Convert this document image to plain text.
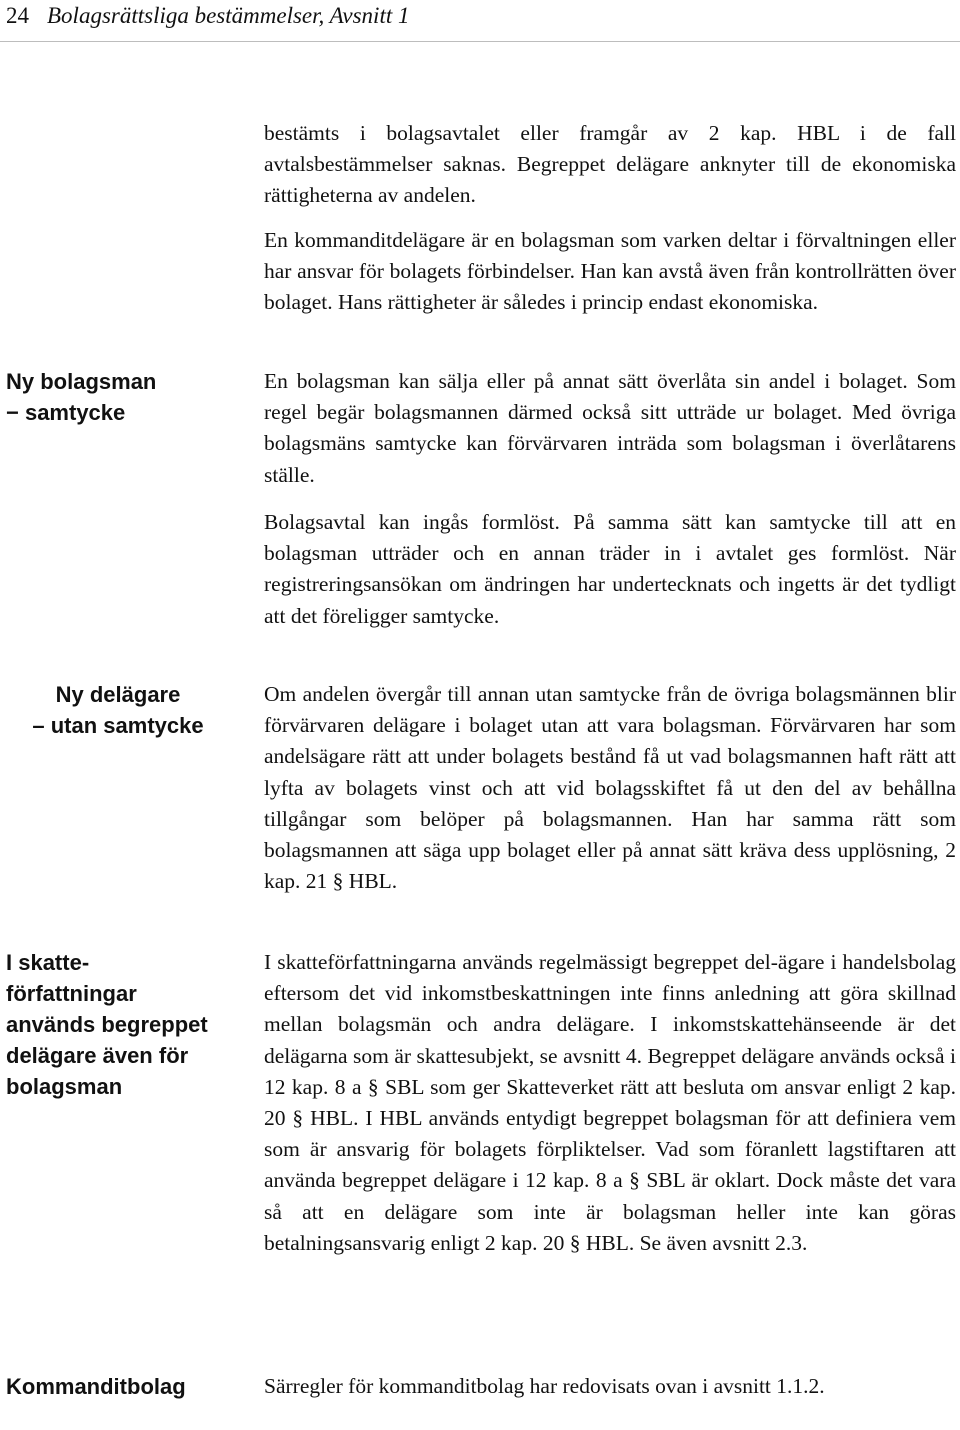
24 Bolagsrättsliga bestämmelser, Avsnitt 1
Ny bolagsman
− samtycke
Ny delägare
– utan samtycke
I skatte-
författningar
används begreppet
delägare även för
bolagsman
Kommanditbolag

bestämts i bolagsavtalet eller framgår av 2 kap. HBL i de fall avtalsbestämmelser saknas. Begreppet delägare anknyter till de ekonomiska rättigheterna av andelen.

En kommanditdelägare är en bolagsman som varken deltar i förvaltningen eller har ansvar för bolagets förbindelser. Han kan avstå även från kontrollrätten över bolaget. Hans rättigheter är således i princip endast ekonomiska.

En bolagsman kan sälja eller på annat sätt överlåta sin andel i bolaget. Som regel begär bolagsmannen därmed också sitt utträde ur bolaget. Med övriga bolagsmäns samtycke kan förvärvaren inträda som bolagsman i överlåtarens ställe.

Bolagsavtal kan ingås formlöst. På samma sätt kan samtycke till att en bolagsman utträder och en annan träder in i avtalet ges formlöst. När registreringsansökan om ändringen har undertecknats och ingetts är det tydligt att det föreligger samtycke.

Om andelen övergår till annan utan samtycke från de övriga bolagsmännen blir förvärvaren delägare i bolaget utan att vara bolagsman. Förvärvaren har som andelsägare rätt att under bolagets bestånd få ut vad bolagsmannen haft rätt att lyfta av bolagets vinst och att vid bolagsskiftet få ut den del av behållna tillgångar som belöper på bolagsmannen. Han har samma rätt som bolagsmannen att säga upp bolaget eller på annat sätt kräva dess upplösning, 2 kap. 21 § HBL.

I skatteförfattningarna används regelmässigt begreppet del-ägare i handelsbolag eftersom det vid inkomstbeskattningen inte finns anledning att göra skillnad mellan bolagsmän och andra delägare. I inkomstskattehänseende är det delägarna som är skattesubjekt, se avsnitt 4. Begreppet delägare används också i 12 kap. 8 a § SBL som ger Skatteverket rätt att besluta om ansvar enligt 2 kap. 20 § HBL. I HBL används entydigt begreppet bolagsman för att definiera vem som är ansvarig för bolagets förpliktelser. Vad som föranlett lagstiftaren att använda begreppet delägare i 12 kap. 8 a § SBL är oklart. Dock måste det vara så att en delägare som inte är bolagsman heller inte kan göras betalningsansvarig enligt 2 kap. 20 § HBL. Se även avsnitt 2.3.

Särregler för kommanditbolag har redovisats ovan i avsnitt 1.1.2.
